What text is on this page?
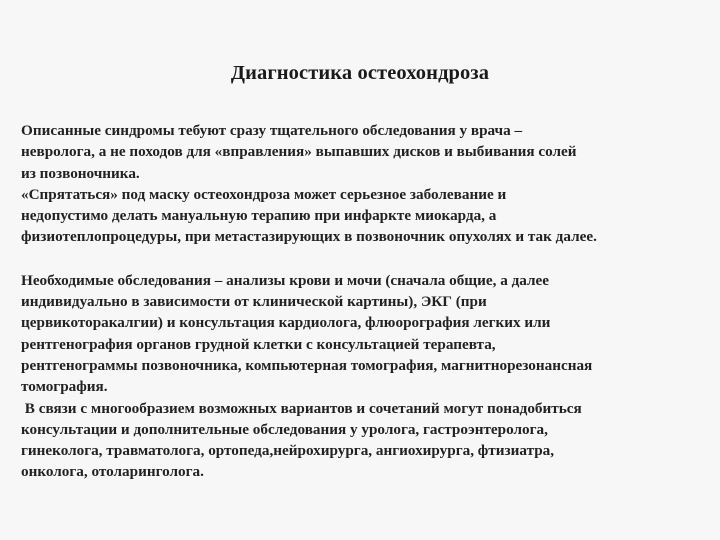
Диагностика остеохондроза

Описанные синдромы тебуют сразу тщательного обследования у врача –
невролога, а не походов для «вправления» выпавших дисков и выбивания солей
из позвоночника.

«Спрятаться» под маску остеохондроза может серьезное заболевание и
недопустимо делать мануальную терапию при инфаркте миокарда, а
физиотеплопроцедуры, при метастазирующих в позвоночник опухолях и так далее.

Необходимые обследования – анализы крови и мочи (сначала общие, а далее
индивидуально в зависимости от клинической картины), ЭКГ (при
цервикоторакалгии) и консультация кардиолога, флюорография легких или
рентгенография органов грудной клетки с консультацией терапевта,
рентгенограммы позвоночника, компьютерная томография, магнитнорезонансная
томография.

В связи с многообразием возможных вариантов и сочетаний могут понадобиться
консультации и дополнительные обследования у уролога, гастроэнтеролога,
гинеколога, травматолога, ортопеда,нейрохирурга, ангиохирурга, фтизиатра,
онколога, отоларинголога.
